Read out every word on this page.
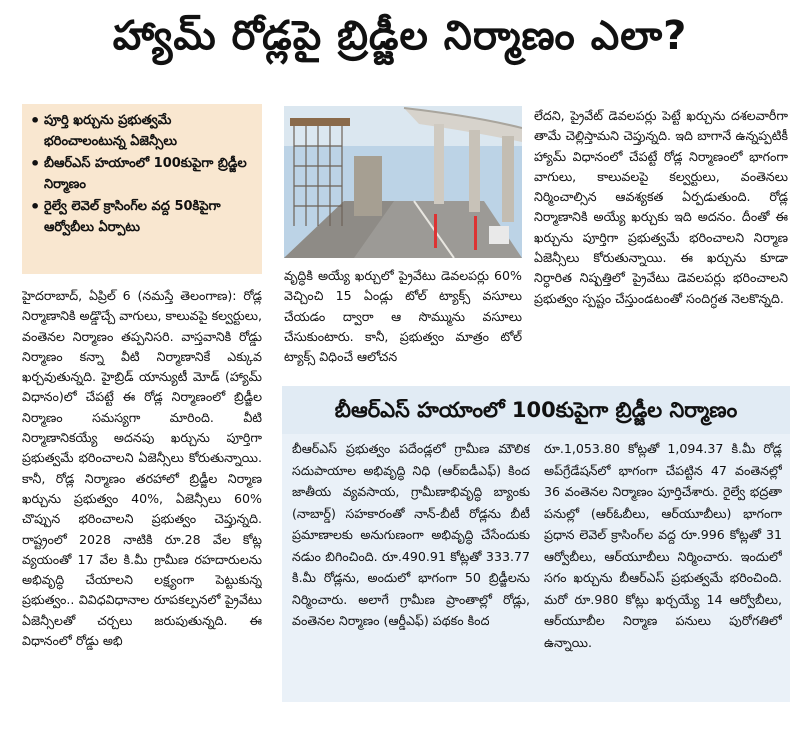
హ్యామ్ రోడ్లపై బ్రిడ్జీల నిర్మాణం ఎలా?
• పూర్తి ఖర్చును ప్రభుత్వమే భరించాలంటున్న ఏజెన్సీలు
• బీఆర్ఎస్ హయాంలో 100కుపైగా బ్రిడ్జీల నిర్మాణం
• రైల్వే లెవెల్ క్రాసింగ్‌ల వద్ద 50కిపైగా ఆర్వోబీలు ఏర్పాటు

హైదరాబాద్, ఏప్రిల్ 6 (నమస్తే తెలంగాణ): రోడ్ల నిర్మాణానికి అడ్డొచ్చే వాగులు, కాలువపై కల్వర్టులు, వంతెనల నిర్మాణం తప్పనిసరి. వాస్తవానికి రోడ్డు నిర్మాణం కన్నా వీటి నిర్మాణానికే ఎక్కువ ఖర్చవుతున్నది. హైబ్రిడ్ యాన్యుటీ మోడ్ (హ్యామ్ విధానం)లో చేపట్టే ఈ రోడ్ల నిర్మాణంలో బ్రిడ్జీల నిర్మాణం సమస్యగా మారింది. వీటి నిర్మాణానికయ్యే అదనపు ఖర్చును పూర్తిగా ప్రభుత్వమే భరించాలని ఏజెన్సీలు కోరుతున్నాయి. కానీ, రోడ్ల నిర్మాణం తరహాలో బ్రిడ్జీల నిర్మాణ ఖర్చును ప్రభుత్వం 40%, ఏజెన్సీలు 60% చొప్పున భరించాలని ప్రభుత్వం చెప్తున్నది. రాష్ట్రంలో 2028 నాటికి రూ.28 వేల కోట్ల వ్యయంతో 17 వేల కి.మీ గ్రామీణ రహదారులను అభివృద్ధి చేయాలని లక్ష్యంగా పెట్టుకున్న ప్రభుత్వం.. వివిధవిధానాల రూపకల్పనలో ప్రైవేటు ఏజెన్సీలతో చర్చలు జరుపుతున్నది. ఈ విధానంలో రోడ్డు అభి

వృద్ధికి అయ్యే ఖర్చులో ప్రైవేటు డెవలపర్లు 60% వెచ్చించి 15 ఏండ్లు టోల్ ట్యాక్స్ వసూలు చేయడం ద్వారా ఆ సొమ్మును వసూలు చేసుకుంటారు. కానీ, ప్రభుత్వం మాత్రం టోల్ ట్యాక్స్ విధించే ఆలోచన

లేదని, ప్రైవేట్ డెవలపర్లు పెట్టే ఖర్చును దశలవారీగా తామే చెల్లిస్తామని చెప్తున్నది. ఇది బాగానే ఉన్నప్పటికీ హ్యామ్ విధానంలో చేపట్టే రోడ్ల నిర్మాణంలో భాగంగా వాగులు, కాలువలపై కల్వర్టులు, వంతెనలు నిర్మించాల్సిన ఆవశ్యకత ఏర్పడుతుంది. రోడ్ల నిర్మాణానికి అయ్యే ఖర్చుకు ఇది అదనం. దీంతో ఈ ఖర్చును పూర్తిగా ప్రభుత్వమే భరించాలని నిర్మాణ ఏజెన్సీలు కోరుతున్నాయి. ఈ ఖర్చును కూడా నిర్ధారిత నిష్పత్తిలో ప్రైవేటు డెవలపర్లు భరించాలని ప్రభుత్వం స్పష్టం చేస్తుండటంతో సందిగ్ధత నెలకొన్నది.

బీఆర్ఎస్ హయాంలో 100కుపైగా బ్రిడ్జీల నిర్మాణం

బీఆర్ఎస్ ప్రభుత్వం పదేండ్లలో గ్రామీణ మౌలిక సదుపాయాల అభివృద్ధి నిధి (ఆర్ఐడీఎఫ్) కింద జాతీయ వ్యవసాయ, గ్రామీణాభివృద్ధి బ్యాంకు (నాబార్డ్) సహకారంతో నాన్-బీటీ రోడ్లను బీటీ ప్రమాణాలకు అనుగుణంగా అభివృద్ధి చేసేందుకు నడుం బిగించింది. రూ.490.91 కోట్లతో 333.77 కి.మీ రోడ్లను, అందులో భాగంగా 50 బ్రిడ్జీలను నిర్మించారు. అలాగే గ్రామీణ ప్రాంతాల్లో రోడ్లు, వంతెనల నిర్మాణం (ఆర్డీఎఫ్) పథకం కింద

రూ.1,053.80 కోట్లతో 1,094.37 కి.మీ రోడ్ల అప్‌గ్రేడేషన్‌లో భాగంగా చేపట్టిన 47 వంతెనల్లో 36 వంతెనల నిర్మాణం పూర్తిచేశారు. రైల్వే భద్రతా పనుల్లో (ఆర్ఓబీలు, ఆర్‌యూబీలు) భాగంగా ప్రధాన లెవెల్ క్రాసింగ్‌ల వద్ద రూ.996 కోట్లతో 31 ఆర్వోబీలు, ఆర్‌యూబీలు నిర్మించారు. ఇందులో సగం ఖర్చును బీఆర్ఎస్ ప్రభుత్వమే భరించింది. మరో రూ.980 కోట్లు ఖర్చయ్యే 14 ఆర్వోబీలు, ఆర్‌యూబీల నిర్మాణ పనులు పురోగతిలో ఉన్నాయి.
